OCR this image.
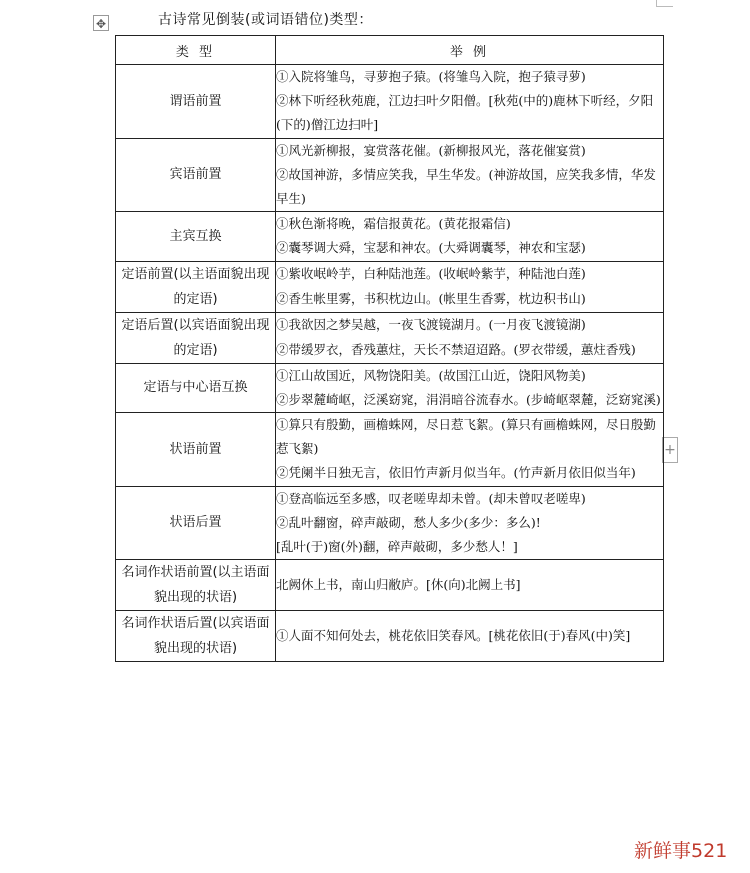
✥	古诗常见倒装(或词语错位)类型：
+
类 型	举 例
谓语前置	①入院将雏鸟，寻萝抱子猿。(将雏鸟入院，抱子猿寻萝)
②林下听经秋苑鹿，江边扫叶夕阳僧。[秋苑(中的)鹿林下听经，夕阳(下的)僧江边扫叶]

宾语前置	①风光新柳报，宴赏落花催。(新柳报风光，落花催宴赏)
②故国神游，多情应笑我，早生华发。(神游故国，应笑我多情，华发早生)

主宾互换	①秋色渐将晚，霜信报黄花。(黄花报霜信)
②囊琴调大舜，宝瑟和神农。(大舜调囊琴，神农和宝瑟)

定语前置(以主语面貌出现的定语)	①紫收岷岭芋，白种陆池莲。(收岷岭紫芋，种陆池白莲)
②香生帐里雾，书积枕边山。(帐里生香雾，枕边积书山)

定语后置(以宾语面貌出现的定语)	①我欲因之梦吴越，一夜飞渡镜湖月。(一月夜飞渡镜湖)
②带缓罗衣，香残蕙炷，天长不禁迢迢路。(罗衣带缓，蕙炷香残)

定语与中心语互换	①江山故国近，风物饶阳美。(故国江山近，饶阳风物美)
②步翠麓崎岖，泛溪窈窕，涓涓暗谷流春水。(步崎岖翠麓，泛窈窕溪)

状语前置	①算只有殷勤，画檐蛛网，尽日惹飞絮。(算只有画檐蛛网，尽日殷勤惹飞絮)
②凭阑半日独无言，依旧竹声新月似当年。(竹声新月依旧似当年)

状语后置	①登高临远至多感，叹老嗟卑却未曾。(却未曾叹老嗟卑)
②乱叶翻窗，碎声敲砌，愁人多少(多少：多么)!
[乱叶(于)窗(外)翻，碎声敲砌，多少愁人！]

名词作状语前置(以主语面貌出现的状语)	北阙休上书，南山归敝庐。[休(向)北阙上书]

名词作状语后置(以宾语面貌出现的状语)	①人面不知何处去，桃花依旧笑春风。[桃花依旧(于)春风(中)笑]
新鲜事521
